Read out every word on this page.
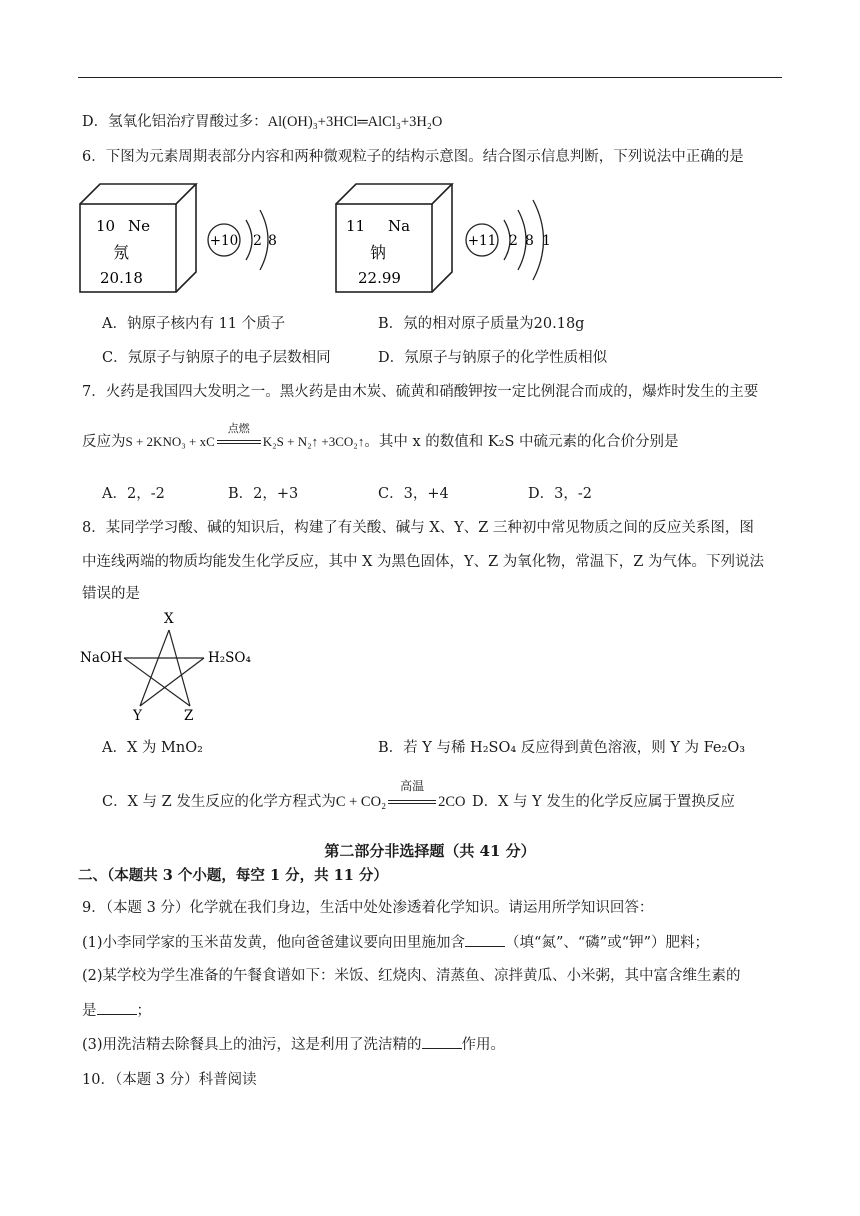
D．氢氧化铝治疗胃酸过多：Al(OH)₃+3HCl═AlCl₃+3H₂O
6．下图为元素周期表部分内容和两种微观粒子的结构示意图。结合图示信息判断，下列说法中正确的是
10 Ne
氖
20.18
+10 2 8
11 Na
钠
22.99
+11 2 8 1
A．钠原子核内有 11 个质子	B．氖的相对原子质量为20.18g
C．氖原子与钠原子的电子层数相同	D．氖原子与钠原子的化学性质相似
7．火药是我国四大发明之一。黑火药是由木炭、硫黄和硝酸钾按一定比例混合而成的，爆炸时发生的主要
反应为S + 2KNO₃ + xC
点燃
K₂S + N₂↑ +3CO₂↑。其中 x 的数值和 K₂S 中硫元素的化合价分别是
A．2，-2	B．2，+3	C．3，+4	D．3，-2
8．某同学学习酸、碱的知识后，构建了有关酸、碱与 X、Y、Z 三种初中常见物质之间的反应关系图，图
中连线两端的物质均能发生化学反应，其中 X 为黑色固体，Y、Z 为氧化物，常温下，Z 为气体。下列说法
错误的是
X
NaOH	H₂SO₄
Y	Z
A．X 为 MnO₂	B．若 Y 与稀 H₂SO₄ 反应得到黄色溶液，则 Y 为 Fe₂O₃
C．X 与 Z 发生反应的化学方程式为C + CO₂
高温
2CO D．X 与 Y 发生的化学反应属于置换反应
第二部分非选择题（共 41 分）
二、（本题共 3 个小题，每空 1 分，共 11 分）
9．（本题 3 分）化学就在我们身边，生活中处处渗透着化学知识。请运用所学知识回答：
(1)小李同学家的玉米苗发黄，他向爸爸建议要向田里施加含	（填“氮”、“磷”或“钾”）肥料；
(2)某学校为学生准备的午餐食谱如下：米饭、红烧肉、清蒸鱼、凉拌黄瓜、小米粥，其中富含维生素的
是	；
(3)用洗洁精去除餐具上的油污，这是利用了洗洁精的	作用。
10．（本题 3 分）科普阅读
